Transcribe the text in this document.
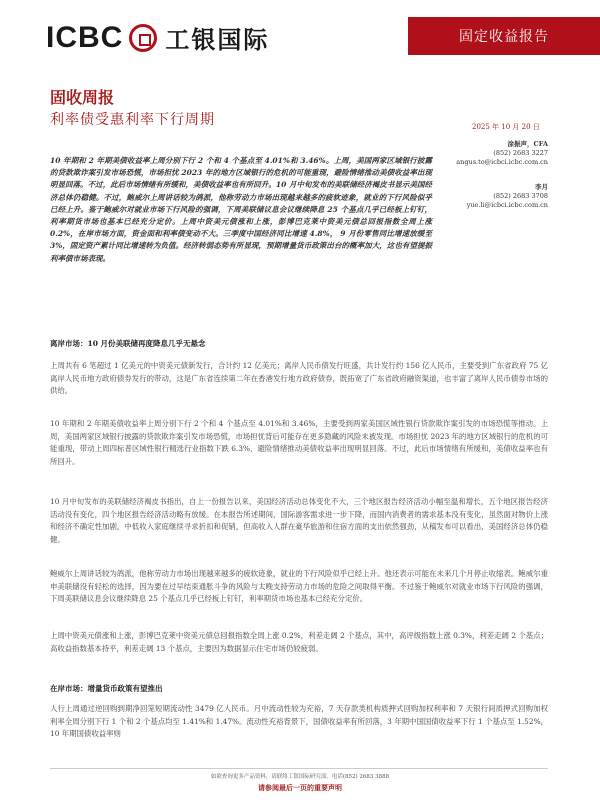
ICBC 工银国际	固定收益报告
固收周报
利率债受惠利率下行周期	2025 年 10 月 20 日
涂振声，CFA
(852) 2683 3227
angus.to@icbci.icbc.com.cn
李月
(852) 2683 3708
yue.li@icbci.icbc.com.cn
10 年期和 2 年期美债收益率上周分别下行 2 个和 4 个基点至 4.01%和 3.46%。上周，美国两家区域银行披露的贷款欺诈案引发市场恐慌，市场担忧 2023 年的地方区域银行的危机的可能重现，避险情绪推动美债收益率出现明显回落。不过，此后市场情绪有所缓和，美债收益率也有所回升。10 月中旬发布的美联储经济褐皮书显示美国经济总体仍稳健。不过，鲍威尔上周讲话较为鸽派，他称劳动力市场出现越来越多的疲软迹象，就业的下行风险似乎已经上升。鉴于鲍威尔对就业市场下行风险的强调，下周美联储议息会议继续降息 25 个基点几乎已经板上钉钉，利率期货市场也基本已经充分定价。上周中资美元债涨和上涨，彭博巴克莱中资美元债总回报指数全周上涨 0.2%，在岸市场方面，资金面和利率债变动不大。三季度中国经济同比增速 4.8%， 9 月份零售同比增速放缓至 3%，固定资产累计同比增速转为负值。经济转弱态势有所显现，预期增量货币政策出台的概率加大，这也有望提振利率债市场表现。
离岸市场：10 月份美联储再度降息几乎无悬念

上周共有 6 笔超过 1 亿美元的中资美元债新发行，合计约 12 亿美元；离岸人民币债发行旺盛，共计发行约 156 亿人民币，主要受到广东省政府 75 亿离岸人民币地方政府债券发行的带动，这是广东省连续第二年在香港发行地方政府债券，既拓宽了广东省政府融资渠道，也丰富了离岸人民币债券市场的供给。

10 年期和 2 年期美债收益率上周分别下行 2 个和 4 个基点至 4.01%和 3.46%，主要受到两家美国区域性银行贷款欺诈案引发的市场恐慌等推动。上周，美国两家区域银行披露的贷款欺诈案引发市场恐慌，市场担忧背后可能存在更多隐藏的风险未被发现。市场担忧 2023 年的地方区域银行的危机的可能重现，带动上周四标普区域性银行精选行业指数下跌 6.3%，避险情绪推动美债收益率出现明显回落。不过，此后市场情绪有所缓和，美债收益率也有所回升。

10 月中旬发布的美联储经济褐皮书指出，自上一份报告以来，美国经济活动总体变化不大，三个地区报告经济活动小幅至温和增长，五个地区报告经济活动没有变化，四个地区报告经济活动略有放缓。在本报告所述期间，国际游客需求进一步下降，而国内消费者的需求基本没有变化，虽然面对物价上涨和经济不确定性加剧，中低收入家庭继续寻求折扣和促销，但高收入人群在豪华旅游和住宿方面的支出依然强劲，从稿发布可以看出，美国经济总体仍稳健。

鲍威尔上周讲话较为鸽派，他称劳动力市场出现越来越多的疲软迹象，就业的下行风险似乎已经上升。他还表示可能在未来几个月停止收缩表。鲍威尔重申美联储没有轻松的选择，因为要在过早结束通胀斗争的风险与太晚支持劳动力市场的危险之间取得平衡。不过鉴于鲍威尔对就业市场下行风险的强调，下周美联储议息会议继续降息 25 个基点几乎已经板上钉钉，利率期货市场也基本已经充分定价。

上周中资美元债涨和上涨，彭博巴克莱中资美元债总回报指数全周上涨 0.2%，利差走阔 2 个基点，其中，高评级指数上涨 0.3%，利差走阔 2 个基点；高收益指数基本持平，利差走阔 13 个基点，主要因为数据显示住宅市场仍较疲弱。

在岸市场：增量货币政策有望推出

人行上周通过逆回购到期净回笼短期流动性 3479 亿人民币。月中流动性较为充裕，7 天存款类机构质押式回购加权利率和 7 天银行间质押式回购加权利率全周分别下行 1 个和 2 个基点均至 1.41%和 1.47%。流动性充裕背景下，国债收益率有所回落，3 年期中国国债收益率下行 1 个基点至 1.52%，10 年期国债收益率则

如欲查询更多产品资料，请联络工银国际研究部。电话(852) 2683 3888
请参阅最后一页的重要声明
